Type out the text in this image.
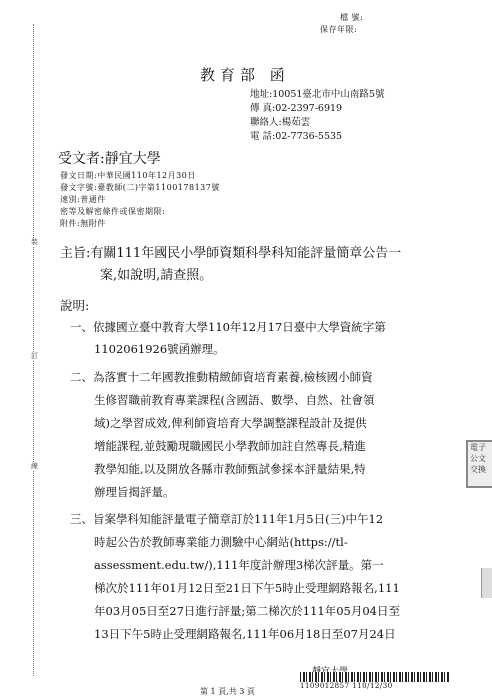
裝
訂
線
檔 號:
保存年限:
教育部 函
地址:10051臺北市中山南路5號
傳 真:02-2397-6919
聯絡人:楊茹雲
電 話:02-7736-5535
受文者:靜宜大學
發文日期:中華民國110年12月30日
發文字號:臺教師(二)字第1100178137號
速別:普通件
密等及解密條件或保密期限:
附件:無附件
主旨:有關111年國民小學師資類科學科知能評量簡章公告一
案,如說明,請查照。
說明:
一、依據國立臺中教育大學110年12月17日臺中大學資統字第
1102061926號函辦理。
二、為落實十二年國教推動精緻師資培育素養,檢核國小師資
生修習職前教育專業課程(含國語、數學、自然、社會領
域)之學習成效,俾利師資培育大學調整課程設計及提供
增能課程,並鼓勵現職國民小學教師加註自然專長,精進
教學知能,以及開放各縣市教師甄試參採本評量結果,特
辦理旨揭評量。
三、旨案學科知能評量電子簡章訂於111年1月5日(三)中午12
時起公告於教師專業能力測驗中心網站(https://tl-
assessment.edu.tw/),111年度計辦理3梯次評量。第一
梯次於111年01月12日至21日下午5時止受理網路報名,111
年03月05日至27日進行評量;第二梯次於111年05月04日至
13日下午5時止受理網路報名,111年06月18日至07月24日
電子公文交換
1109012857 110/12/30
第 1 頁,共 3 頁
